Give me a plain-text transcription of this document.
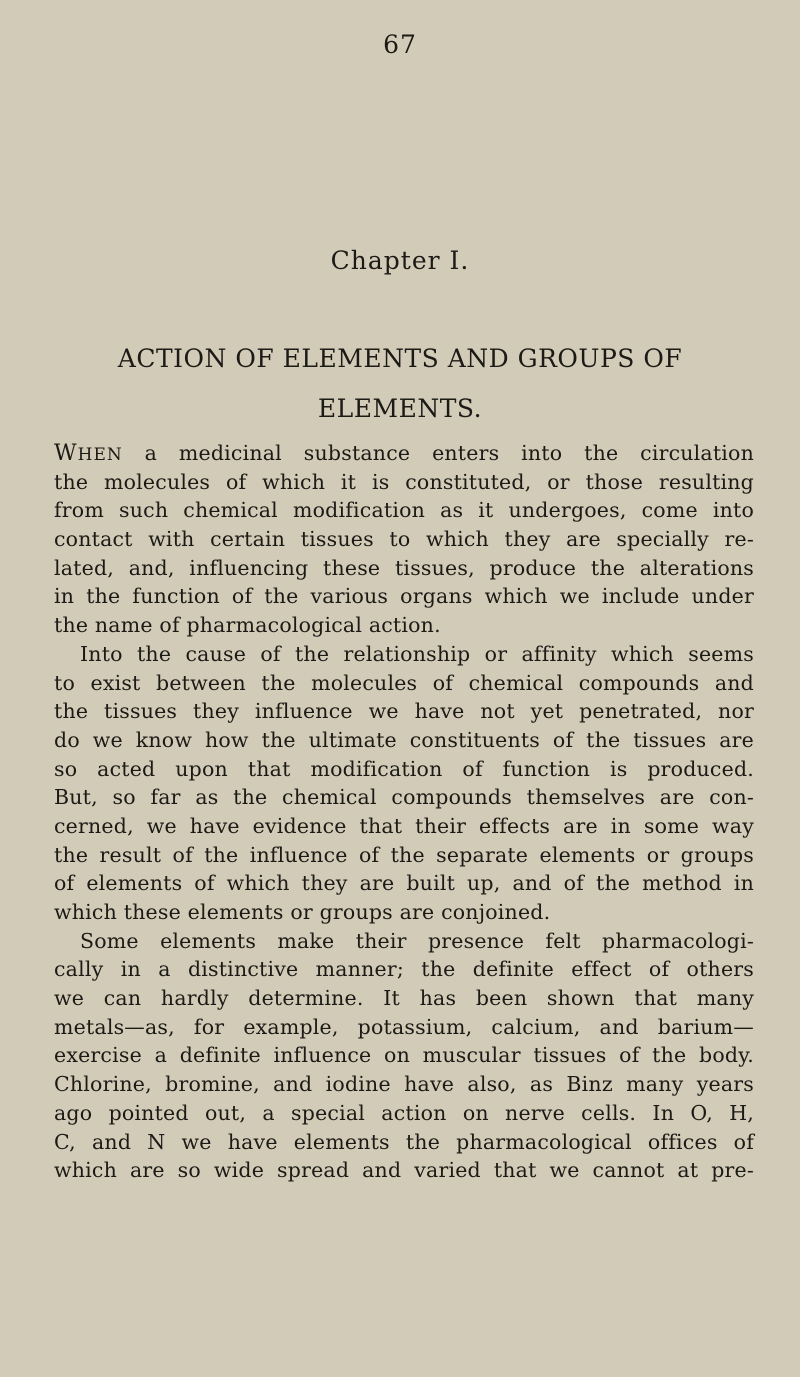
67
Chapter I.
ACTION OF ELEMENTS AND GROUPS OF
ELEMENTS.
WHEN a medicinal substance enters into the circulation
the molecules of which it is constituted, or those resulting
from such chemical modification as it undergoes, come into
contact with certain tissues to which they are specially re-
lated, and, influencing these tissues, produce the alterations
in the function of the various organs which we include under
the name of pharmacological action.
Into the cause of the relationship or affinity which seems
to exist between the molecules of chemical compounds and
the tissues they influence we have not yet penetrated, nor
do we know how the ultimate constituents of the tissues are
so acted upon that modification of function is produced.
But, so far as the chemical compounds themselves are con-
cerned, we have evidence that their effects are in some way
the result of the influence of the separate elements or groups
of elements of which they are built up, and of the method in
which these elements or groups are conjoined.
Some elements make their presence felt pharmacologi-
cally in a distinctive manner; the definite effect of others
we can hardly determine. It has been shown that many
metals—as, for example, potassium, calcium, and barium—
exercise a definite influence on muscular tissues of the body.
Chlorine, bromine, and iodine have also, as Binz many years
ago pointed out, a special action on nerve cells. In O, H,
C, and N we have elements the pharmacological offices of
which are so wide spread and varied that we cannot at pre-
